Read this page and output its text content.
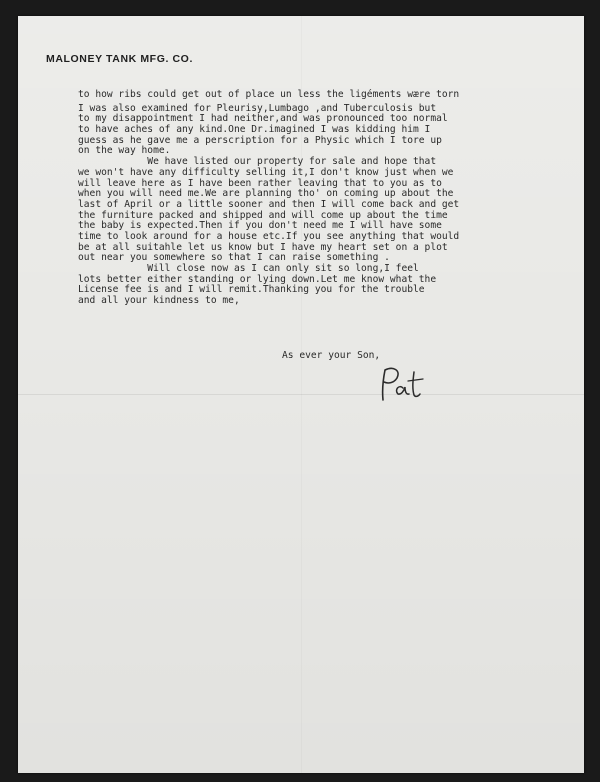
MALONEY TANK MFG. CO.
to how ribs could get out of place un less the ligéments wære torn
I was also examined for Pleurisy,Lumbago ,and Tuberculosis but
to my disappointment I had neither,and was pronounced too normal
to have aches of any kind.One Dr.imagined I was kidding him I
guess as he gave me a perscription for a Physic which I tore up
on the way home.
We have listed our property for sale and hope that
we won't have any difficulty selling it,I don't know just when we
will leave here as I have been rather leaving that to you as to
when you will need me.We are planning tho' on coming up about the
last of April or a little sooner and then I will come back and get
the furniture packed and shipped and will come up about the time
the baby is expected.Then if you don't need me I will have some
time to look around for a house etc.If you see anything that would
be at all suitahle let us know but I have my heart set on a plot
out near you somewhere so that I can raise something .
Will close now as I can only sit so long,I feel
lots better either standing or lying down.Let me know what the
License fee is and I will remit.Thanking you for the trouble
and all your kindness to me,
As ever your Son,
